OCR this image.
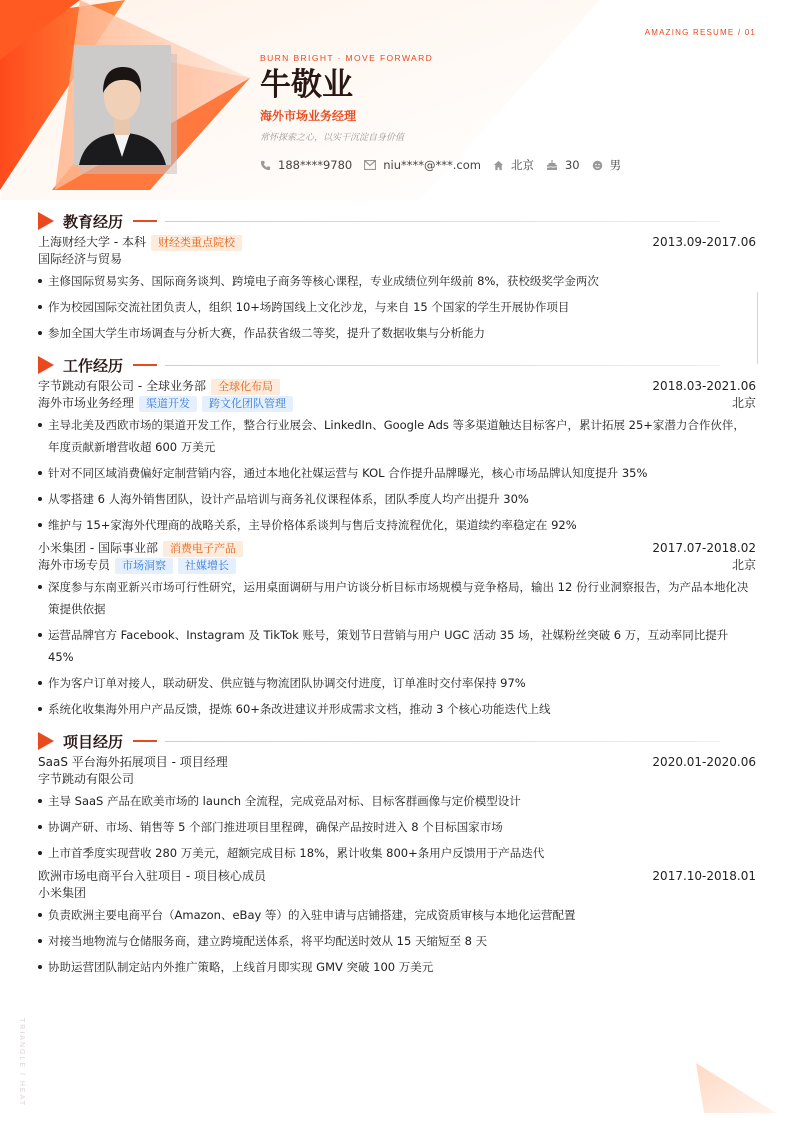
AMAZING RESUME / 01
BURN BRIGHT · MOVE FORWARD
牛敬业
海外市场业务经理
常怀探索之心，以实干沉淀自身价值
188****9780	niu****@***.com	北京	30	男
教育经历
上海财经大学 - 本科	财经类重点院校	2013.09-2017.06
国际经济与贸易
主修国际贸易实务、国际商务谈判、跨境电子商务等核心课程，专业成绩位列年级前 8%，获校级奖学金两次
作为校园国际交流社团负责人，组织 10+场跨国线上文化沙龙，与来自 15 个国家的学生开展协作项目
参加全国大学生市场调查与分析大赛，作品获省级二等奖，提升了数据收集与分析能力
工作经历
字节跳动有限公司 - 全球业务部	全球化布局	2018.03-2021.06
海外市场业务经理	渠道开发	跨文化团队管理	北京
主导北美及西欧市场的渠道开发工作，整合行业展会、LinkedIn、Google Ads 等多渠道触达目标客户，累计拓展 25+家潜力合作伙伴，年度贡献新增营收超 600 万美元
针对不同区域消费偏好定制营销内容，通过本地化社媒运营与 KOL 合作提升品牌曝光，核心市场品牌认知度提升 35%
从零搭建 6 人海外销售团队，设计产品培训与商务礼仪课程体系，团队季度人均产出提升 30%
维护与 15+家海外代理商的战略关系，主导价格体系谈判与售后支持流程优化，渠道续约率稳定在 92%
小米集团 - 国际事业部	消费电子产品	2017.07-2018.02
海外市场专员	市场洞察	社媒增长	北京
深度参与东南亚新兴市场可行性研究，运用桌面调研与用户访谈分析目标市场规模与竞争格局，输出 12 份行业洞察报告，为产品本地化决策提供依据
运营品牌官方 Facebook、Instagram 及 TikTok 账号，策划节日营销与用户 UGC 活动 35 场，社媒粉丝突破 6 万，互动率同比提升 45%
作为客户订单对接人，联动研发、供应链与物流团队协调交付进度，订单准时交付率保持 97%
系统化收集海外用户产品反馈，提炼 60+条改进建议并形成需求文档，推动 3 个核心功能迭代上线
项目经历
SaaS 平台海外拓展项目 - 项目经理	2020.01-2020.06
字节跳动有限公司
主导 SaaS 产品在欧美市场的 launch 全流程，完成竞品对标、目标客群画像与定价模型设计
协调产研、市场、销售等 5 个部门推进项目里程碑，确保产品按时进入 8 个目标国家市场
上市首季度实现营收 280 万美元，超额完成目标 18%，累计收集 800+条用户反馈用于产品迭代
欧洲市场电商平台入驻项目 - 项目核心成员	2017.10-2018.01
小米集团
负责欧洲主要电商平台（Amazon、eBay 等）的入驻申请与店铺搭建，完成资质审核与本地化运营配置
对接当地物流与仓储服务商，建立跨境配送体系，将平均配送时效从 15 天缩短至 8 天
协助运营团队制定站内外推广策略，上线首月即实现 GMV 突破 100 万美元
TRIANGLE / HEAT
